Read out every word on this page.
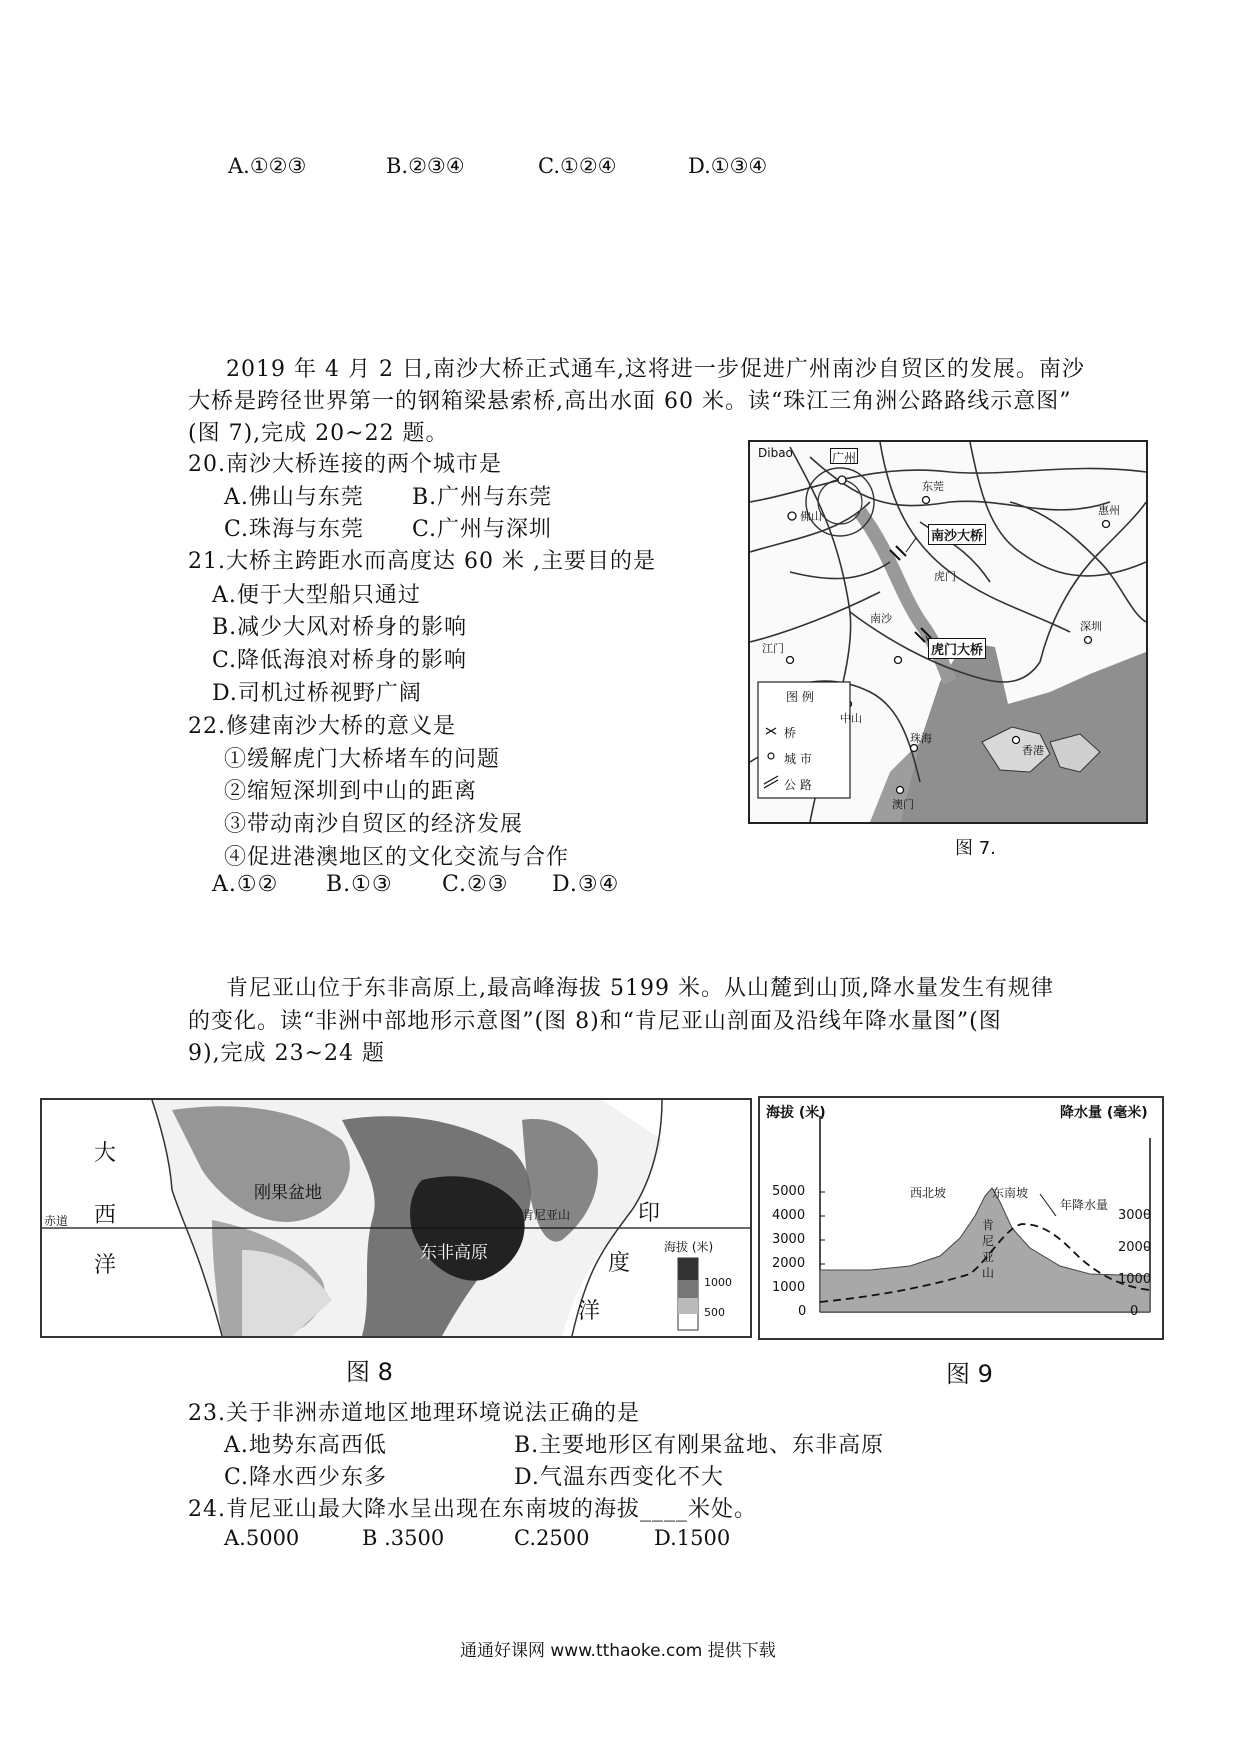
A.①②③	B.②③④	C.①②④	D.①③④
2019 年 4 月 2 日,南沙大桥正式通车,这将进一步促进广州南沙自贸区的发展。南沙
大桥是跨径世界第一的钢箱梁悬索桥,高出水面 60 米。读“珠江三角洲公路路线示意图”
(图 7),完成 20~22 题。
20.南沙大桥连接的两个城市是
A.佛山与东莞 B.广州与东莞
C.珠海与东莞 C.广州与深圳
21.大桥主跨距水而高度达 60 米 ,主要目的是
A.便于大型船只通过
B.减少大风对桥身的影响
C.降低海浪对桥身的影响
D.司机过桥视野广阔
22.修建南沙大桥的意义是
①缓解虎门大桥堵车的问题
②缩短深圳到中山的距离
③带动南沙自贸区的经济发展
④促进港澳地区的文化交流与合作
A.①② B.①③ C.②③ D.③④
Dibao	广州
佛山
东莞
惠州
虎门
南沙
江门
深圳
中山
香港
珠海
澳门
南沙大桥
虎门大桥
图 例
桥
城 市
公 路
图 7.
肯尼亚山位于东非高原上,最高峰海拔 5199 米。从山麓到山顶,降水量发生有规律
的变化。读“非洲中部地形示意图”(图 8)和“肯尼亚山剖面及沿线年降水量图”(图
9),完成 23~24 题
大
西
洋
赤道
刚果盆地
肯尼亚山
东非高原
印
度
洋
海拔 (米)
1000
500
图 8
海拔 (米)	降水量 (毫米)
5000
4000
3000
2000
1000
0
3000
2000
1000
0
西北坡	东南坡
年降水量
肯
尼
亚
山
图 9
23.关于非洲赤道地区地理环境说法正确的是
A.地势东高西低	B.主要地形区有刚果盆地、东非高原
C.降水西少东多	D.气温东西变化不大
24.肯尼亚山最大降水呈出现在东南坡的海拔____米处。
A.5000	B .3500	C.2500	D.1500
通通好课网 www.tthaoke.com 提供下载
